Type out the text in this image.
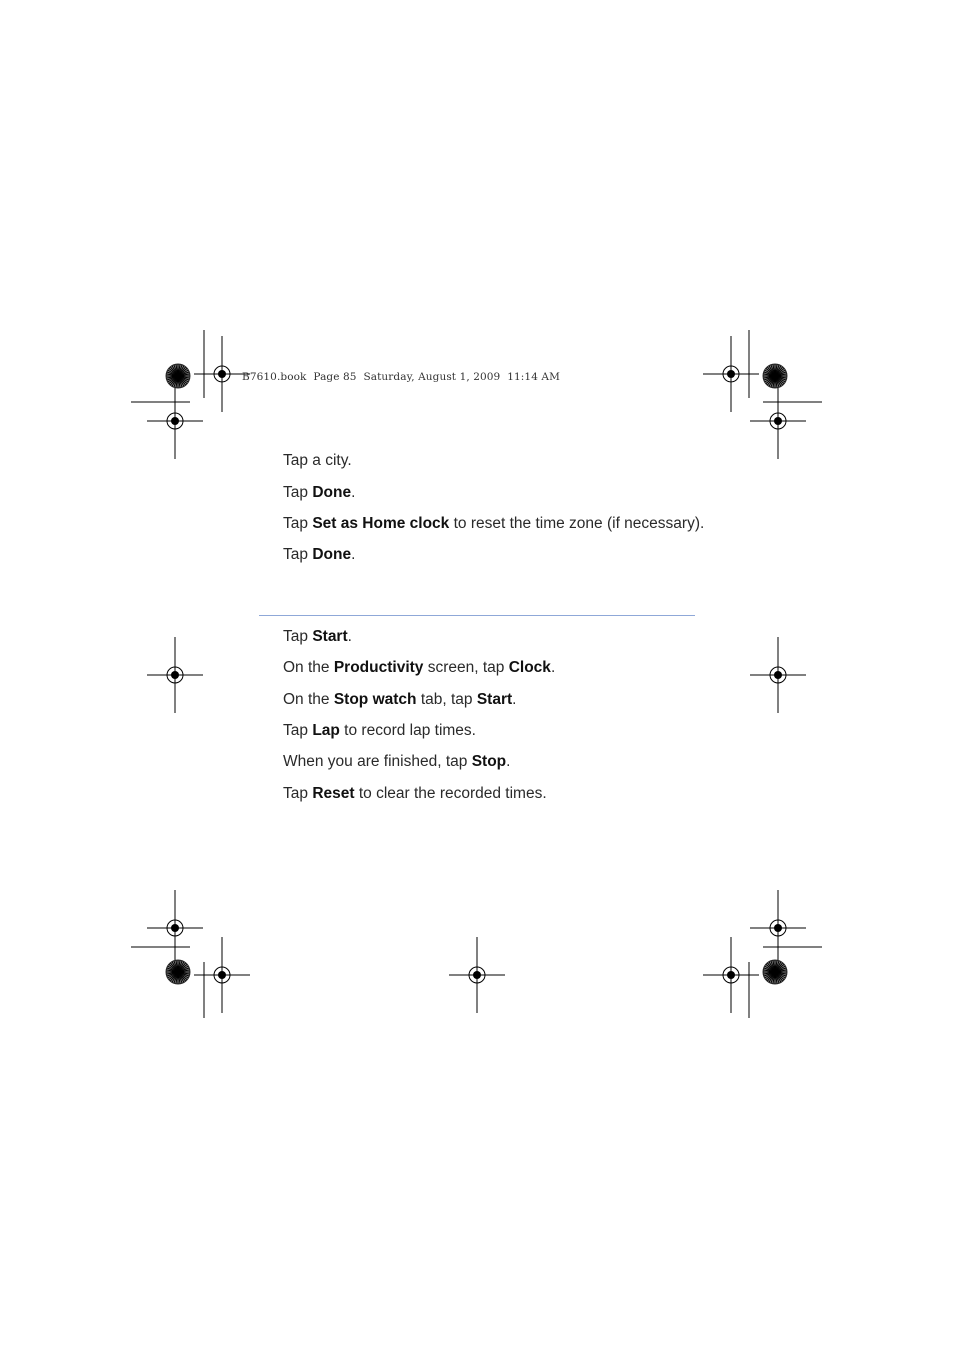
B7610.book  Page 85  Saturday, August 1, 2009  11:14 AM
Tap a city.
Tap Done.
Tap Set as Home clock to reset the time zone (if necessary).
Tap Done.
Tap Start.
On the Productivity screen, tap Clock.
On the Stop watch tab, tap Start.
Tap Lap to record lap times.
When you are finished, tap Stop.
Tap Reset to clear the recorded times.
